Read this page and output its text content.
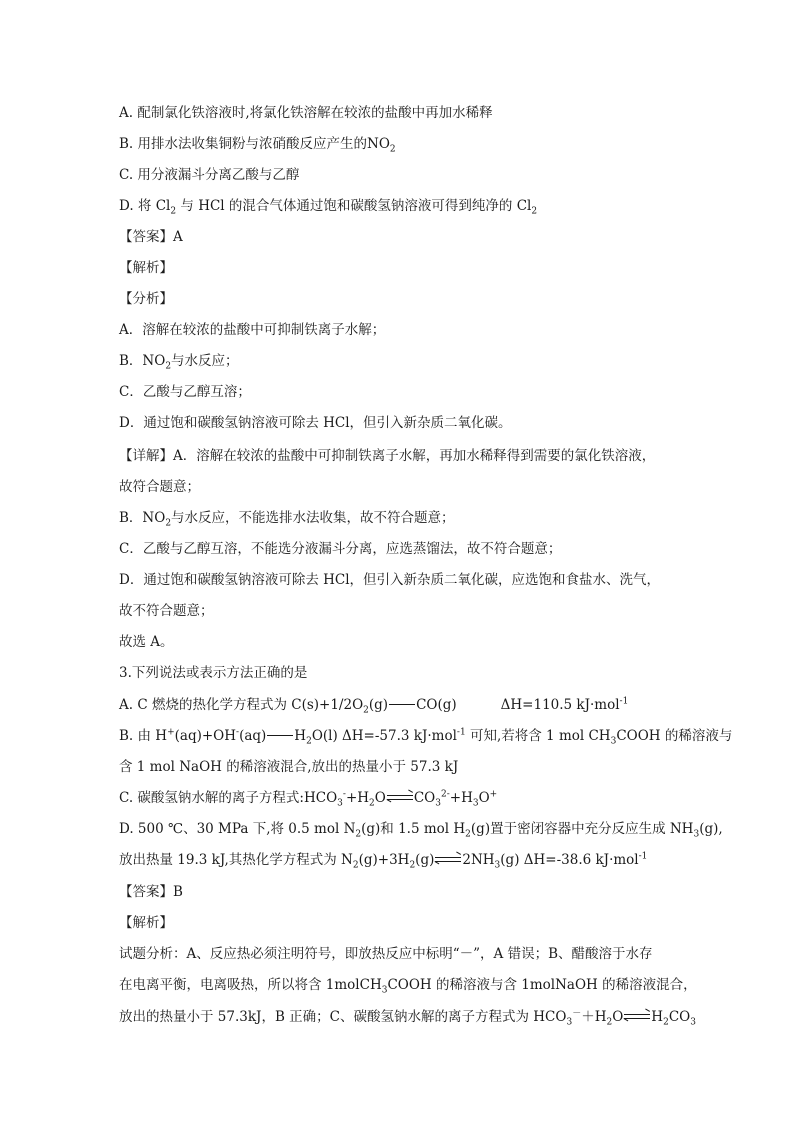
A. 配制氯化铁溶液时,将氯化铁溶解在较浓的盐酸中再加水稀释
B. 用排水法收集铜粉与浓硝酸反应产生的$NO_2$
C. 用分液漏斗分离乙酸与乙醇
D. 将 $Cl_2$ 与 HCl 的混合气体通过饱和碳酸氢钠溶液可得到纯净的 $Cl_2$
【答案】A
【解析】
【分析】
A．溶解在较浓的盐酸中可抑制铁离子水解；
B．$NO_2$与水反应；
C．乙酸与乙醇互溶；
D．通过饱和碳酸氢钠溶液可除去 HCl，但引入新杂质二氧化碳。
【详解】A．溶解在较浓的盐酸中可抑制铁离子水解，再加水稀释得到需要的氯化铁溶液，
故符合题意；
B．$NO_2$与水反应，不能选排水法收集，故不符合题意；
C．乙酸与乙醇互溶，不能选分液漏斗分离，应选蒸馏法，故不符合题意；
D．通过饱和碳酸氢钠溶液可除去 HCl，但引入新杂质二氧化碳，应选饱和食盐水、洗气，
故不符合题意；
故选 A。
3.下列说法或表示方法正确的是
A. C 燃烧的热化学方程式为 $C(s)+1/2O_2(g)$ CO(g)	ΔH=110.5 kJ·mol$^{-1}$
B. 由 H+(aq)+OH-(aq) $H_2O(l)$ ΔH=-57.3 kJ·mol$^{-1}$ 可知,若将含 1 mol $CH_3COOH$ 的稀溶液与
含 1 mol NaOH 的稀溶液混合,放出的热量小于 57.3 kJ
C. 碳酸氢钠水解的离子方程式$:HCO_3^-+H_2O$ $CO_3^{2-}+H_3O^+$
D. 500 ℃、30 MPa 下,将 0.5 mol $N_2(g)$和 1.5 mol $H_2(g)$置于密闭容器中充分反应生成 $NH_3(g)$,
放出热量 19.3 kJ,其热化学方程式为 $N_2(g)+3H_2(g)$ $2NH_3(g)$ ΔH=-38.6 kJ·mol$^{-1}$
【答案】B
【解析】
试题分析：A、反应热必须注明符号，即放热反应中标明“－”，A 错误；B、醋酸溶于水存
在电离平衡，电离吸热，所以将含 1molCH$_3$COOH 的稀溶液与含 1molNaOH 的稀溶液混合，
放出的热量小于 57.3kJ，B 正确；C、碳酸氢钠水解的离子方程式为 $HCO_3^-+H_2O$ $H_2CO_3$
